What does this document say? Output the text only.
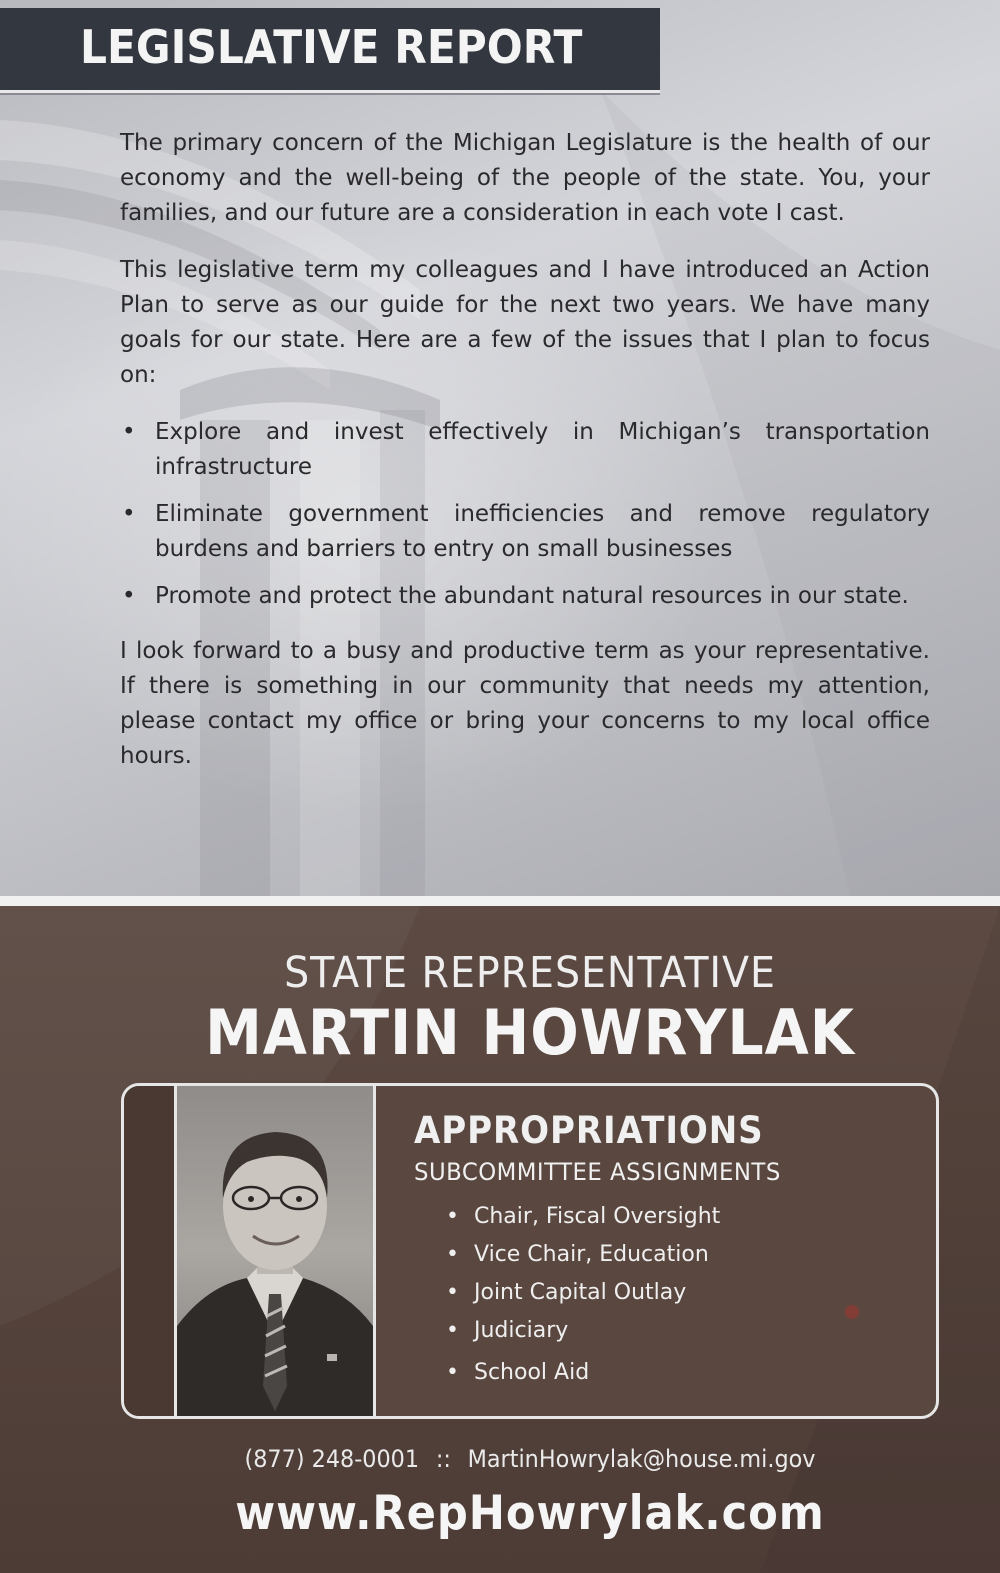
LEGISLATIVE REPORT

The primary concern of the Michigan Legislature is the health of our economy and the well-being of the people of the state. You, your families, and our future are a consideration in each vote I cast.

This legislative term my colleagues and I have introduced an Action Plan to serve as our guide for the next two years. We have many goals for our state. Here are a few of the issues that I plan to focus on:

• Explore and invest effectively in Michigan’s transportation infrastructure
• Eliminate government inefficiencies and remove regulatory burdens and barriers to entry on small businesses
• Promote and protect the abundant natural resources in our state.

I look forward to a busy and productive term as your representative. If there is something in our community that needs my attention, please contact my office or bring your concerns to my local office hours.

STATE REPRESENTATIVE
MARTIN HOWRYLAK
APPROPRIATIONS
SUBCOMMITTEE ASSIGNMENTS
• Chair, Fiscal Oversight
• Vice Chair, Education
• Joint Capital Outlay
• Judiciary
• School Aid
(877) 248-0001 :: MartinHowrylak@house.mi.gov
www.RepHowrylak.com
